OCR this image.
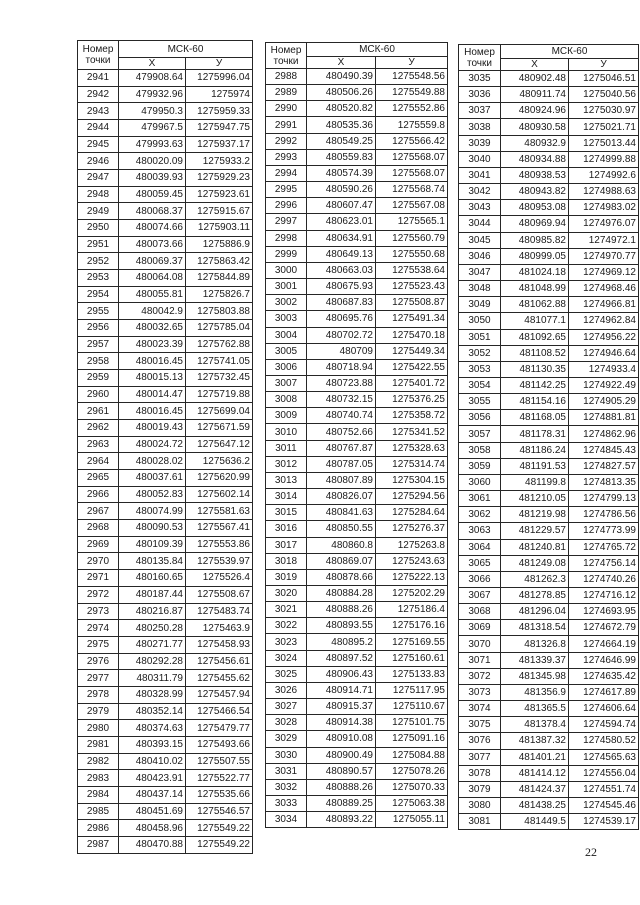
Номер
точки	МСК-60	
	X	У
2941	479908.64	1275996.04
2942	479932.96	1275974
2943	479950.3	1275959.33
2944	479967.5	1275947.75
2945	479993.63	1275937.17
2946	480020.09	1275933.2
2947	480039.93	1275929.23
2948	480059.45	1275923.61
2949	480068.37	1275915.67
2950	480074.66	1275903.11
2951	480073.66	1275886.9
2952	480069.37	1275863.42
2953	480064.08	1275844.89
2954	480055.81	1275826.7
2955	480042.9	1275803.88
2956	480032.65	1275785.04
2957	480023.39	1275762.88
2958	480016.45	1275741.05
2959	480015.13	1275732.45
2960	480014.47	1275719.88
2961	480016.45	1275699.04
2962	480019.43	1275671.59
2963	480024.72	1275647.12
2964	480028.02	1275636.2
2965	480037.61	1275620.99
2966	480052.83	1275602.14
2967	480074.99	1275581.63
2968	480090.53	1275567.41
2969	480109.39	1275553.86
2970	480135.84	1275539.97
2971	480160.65	1275526.4
2972	480187.44	1275508.67
2973	480216.87	1275483.74
2974	480250.28	1275463.9
2975	480271.77	1275458.93
2976	480292.28	1275456.61
2977	480311.79	1275455.62
2978	480328.99	1275457.94
2979	480352.14	1275466.54
2980	480374.63	1275479.77
2981	480393.15	1275493.66
2982	480410.02	1275507.55
2983	480423.91	1275522.77
2984	480437.14	1275535.66
2985	480451.69	1275546.57
2986	480458.96	1275549.22
2987	480470.88	1275549.22
Номер
точки	МСК-60	
	X	У
2988	480490.39	1275548.56
2989	480506.26	1275549.88
2990	480520.82	1275552.86
2991	480535.36	1275559.8
2992	480549.25	1275566.42
2993	480559.83	1275568.07
2994	480574.39	1275568.07
2995	480590.26	1275568.74
2996	480607.47	1275567.08
2997	480623.01	1275565.1
2998	480634.91	1275560.79
2999	480649.13	1275550.68
3000	480663.03	1275538.64
3001	480675.93	1275523.43
3002	480687.83	1275508.87
3003	480695.76	1275491.34
3004	480702.72	1275470.18
3005	480709	1275449.34
3006	480718.94	1275422.55
3007	480723.88	1275401.72
3008	480732.15	1275376.25
3009	480740.74	1275358.72
3010	480752.66	1275341.52
3011	480767.87	1275328.63
3012	480787.05	1275314.74
3013	480807.89	1275304.15
3014	480826.07	1275294.56
3015	480841.63	1275284.64
3016	480850.55	1275276.37
3017	480860.8	1275263.8
3018	480869.07	1275243.63
3019	480878.66	1275222.13
3020	480884.28	1275202.29
3021	480888.26	1275186.4
3022	480893.55	1275176.16
3023	480895.2	1275169.55
3024	480897.52	1275160.61
3025	480906.43	1275133.83
3026	480914.71	1275117.95
3027	480915.37	1275110.67
3028	480914.38	1275101.75
3029	480910.08	1275091.16
3030	480900.49	1275084.88
3031	480890.57	1275078.26
3032	480888.26	1275070.33
3033	480889.25	1275063.38
3034	480893.22	1275055.11
Номер
точки	МСК-60	
	X	У
3035	480902.48	1275046.51
3036	480911.74	1275040.56
3037	480924.96	1275030.97
3038	480930.58	1275021.71
3039	480932.9	1275013.44
3040	480934.88	1274999.88
3041	480938.53	1274992.6
3042	480943.82	1274988.63
3043	480953.08	1274983.02
3044	480969.94	1274976.07
3045	480985.82	1274972.1
3046	480999.05	1274970.77
3047	481024.18	1274969.12
3048	481048.99	1274968.46
3049	481062.88	1274966.81
3050	481077.1	1274962.84
3051	481092.65	1274956.22
3052	481108.52	1274946.64
3053	481130.35	1274933.4
3054	481142.25	1274922.49
3055	481154.16	1274905.29
3056	481168.05	1274881.81
3057	481178.31	1274862.96
3058	481186.24	1274845.43
3059	481191.53	1274827.57
3060	481199.8	1274813.35
3061	481210.05	1274799.13
3062	481219.98	1274786.56
3063	481229.57	1274773.99
3064	481240.81	1274765.72
3065	481249.08	1274756.14
3066	481262.3	1274740.26
3067	481278.85	1274716.12
3068	481296.04	1274693.95
3069	481318.54	1274672.79
3070	481326.8	1274664.19
3071	481339.37	1274646.99
3072	481345.98	1274635.42
3073	481356.9	1274617.89
3074	481365.5	1274606.64
3075	481378.4	1274594.74
3076	481387.32	1274580.52
3077	481401.21	1274565.63
3078	481414.12	1274556.04
3079	481424.37	1274551.74
3080	481438.25	1274545.46
3081	481449.5	1274539.17
22
